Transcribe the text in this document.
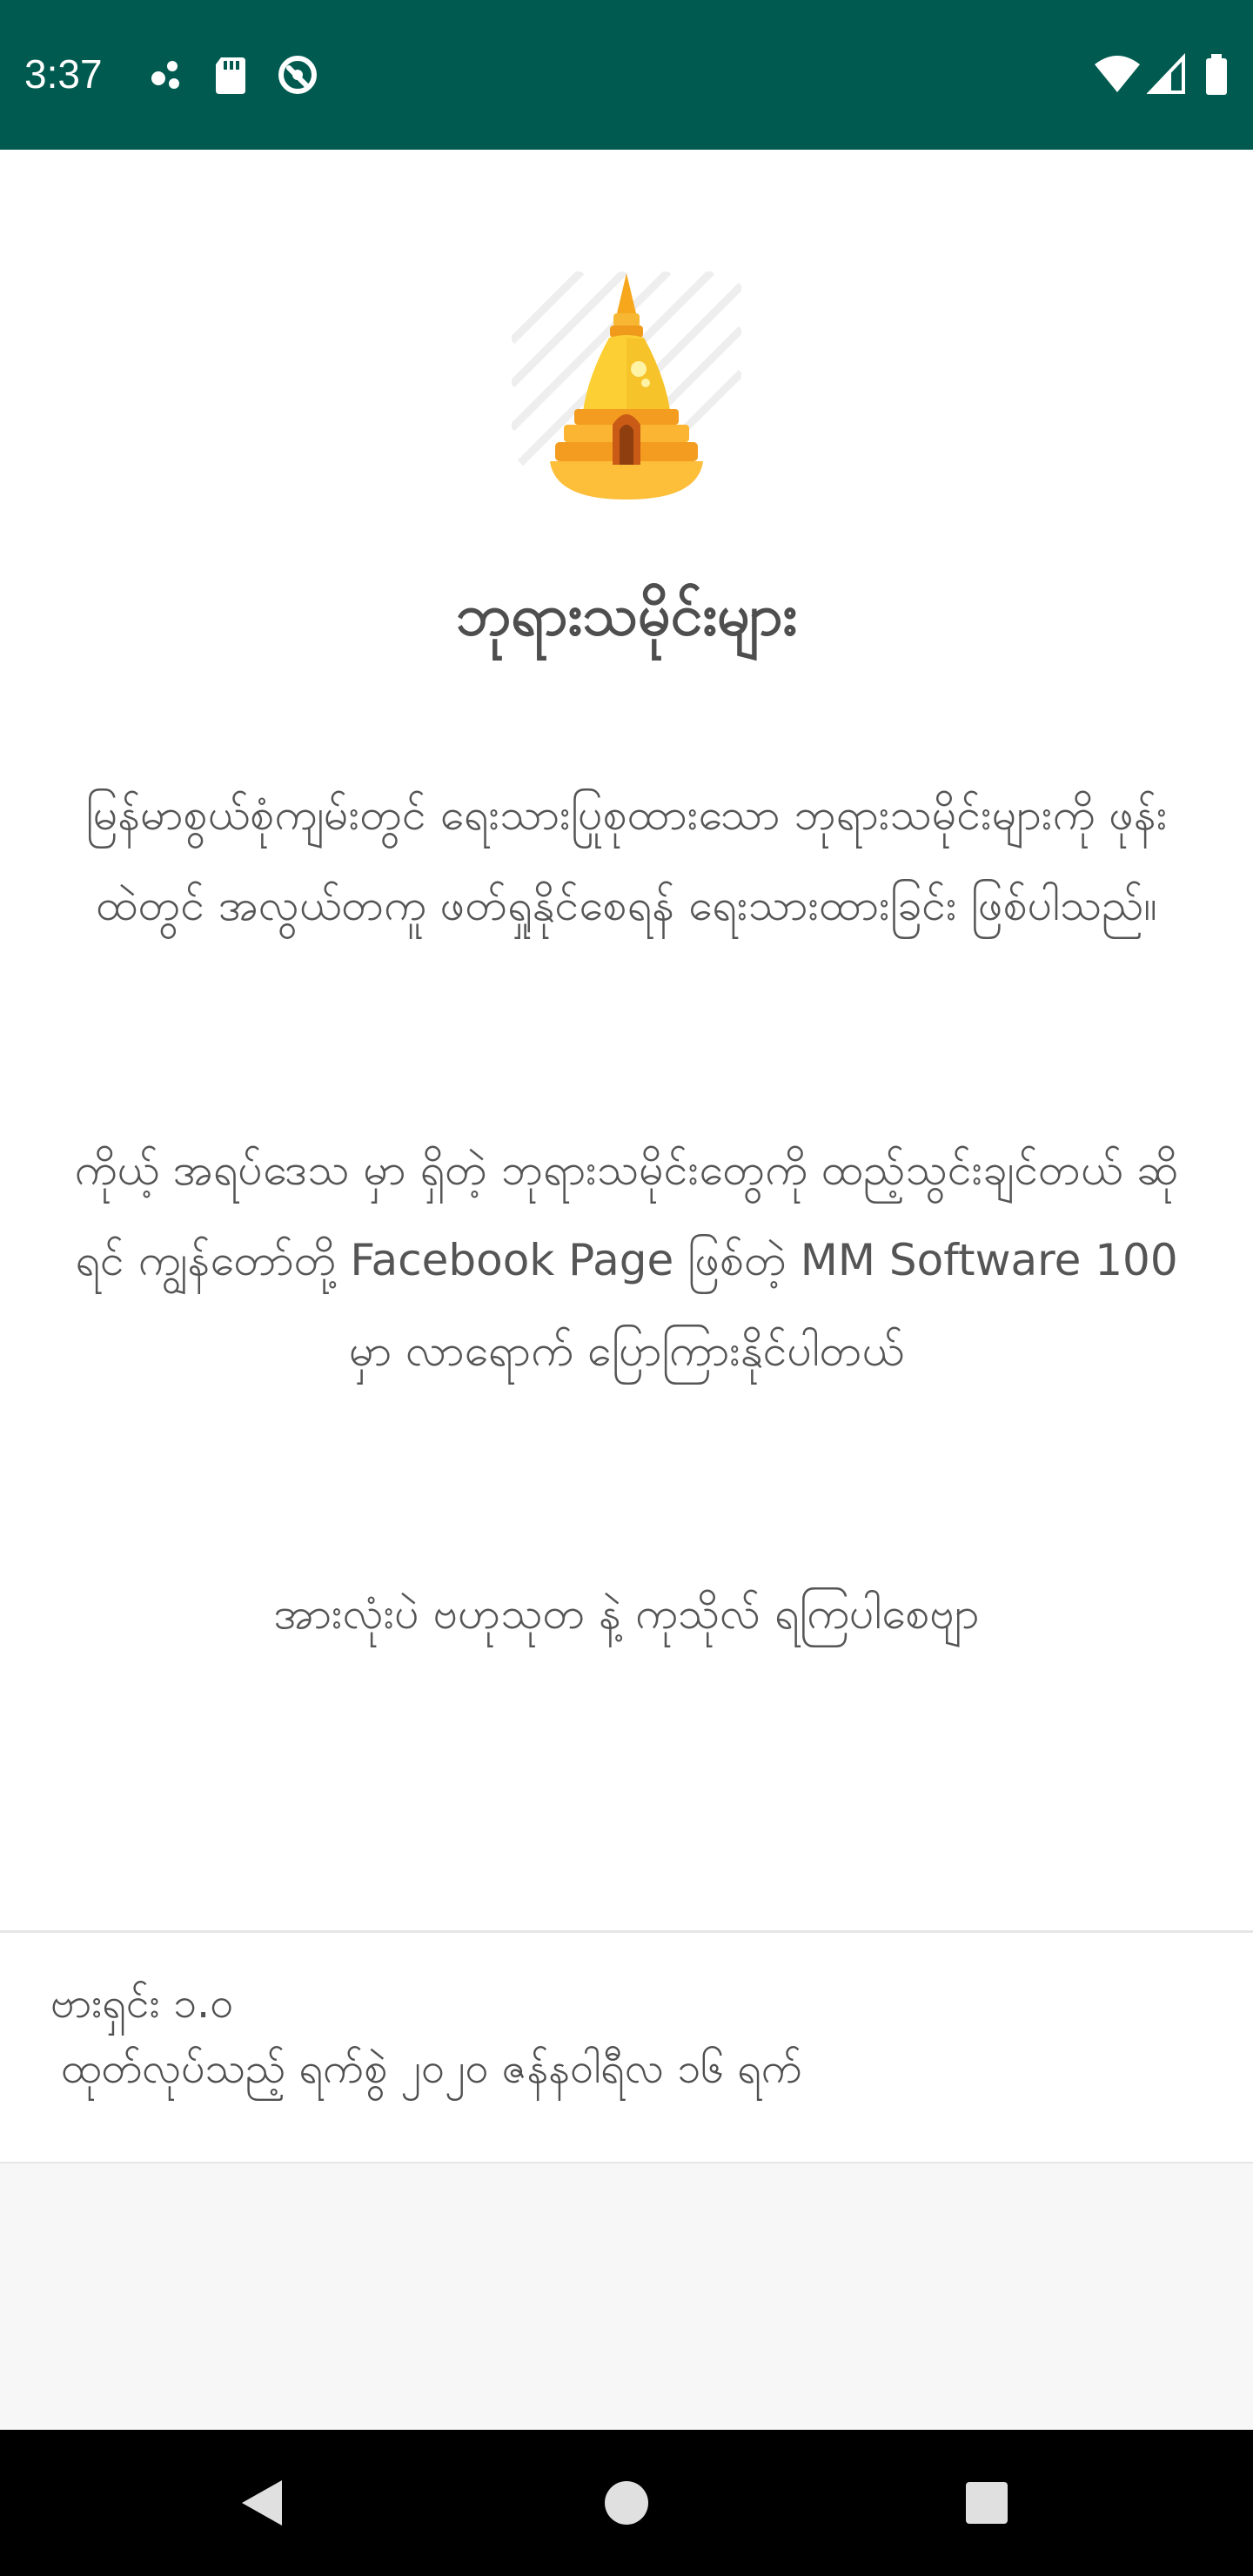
3:37
ဘုရားသမိုင်းများ

မြန်မာစွယ်စုံကျမ်းတွင် ရေးသားပြုစုထားသော ဘုရားသမိုင်းများကို ဖုန်းထဲတွင် အလွယ်တကူ ဖတ်ရှုနိုင်စေရန် ရေးသားထားခြင်း ဖြစ်ပါသည်။

ကိုယ့် အရပ်ဒေသ မှာ ရှိတဲ့ ဘုရားသမိုင်းတွေကို ထည့်သွင်းချင်တယ် ဆိုရင် ကျွန်တော်တို့ Facebook Page ဖြစ်တဲ့ MM Software 100 မှာ လာရောက် ပြောကြားနိုင်ပါတယ်

အားလုံးပဲ ဗဟုသုတ နဲ့ ကုသိုလ် ရကြပါစေဗျာ

ဗားရှင်း ၁.၀

ထုတ်လုပ်သည့် ရက်စွဲ ၂၀၂၀ ဇန်နဝါရီလ ၁၆ ရက်
